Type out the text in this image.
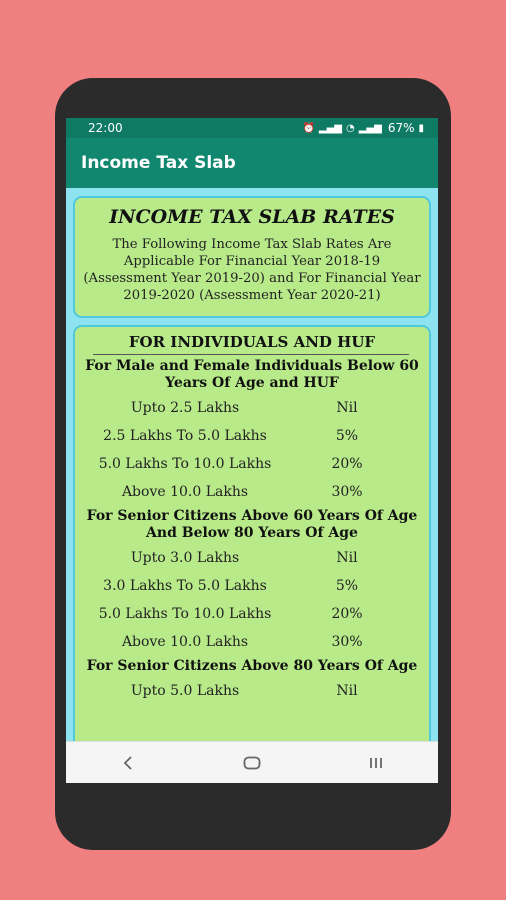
22:00	⏰ ▂▄▆ ◔ ▂▄▆ 67% ▮
Income Tax Slab
INCOME TAX SLAB RATES
The Following Income Tax Slab Rates Are Applicable For Financial Year 2018-19 (Assessment Year 2019-20) and For Financial Year 2019-2020 (Assessment Year 2020-21)
FOR INDIVIDUALS AND HUF
For Male and Female Individuals Below 60 Years Of Age and HUF
Upto 2.5 Lakhs	Nil
2.5 Lakhs To 5.0 Lakhs	5%
5.0 Lakhs To 10.0 Lakhs	20%
Above 10.0 Lakhs	30%
For Senior Citizens Above 60 Years Of Age And Below 80 Years Of Age
Upto 3.0 Lakhs	Nil
3.0 Lakhs To 5.0 Lakhs	5%
5.0 Lakhs To 10.0 Lakhs	20%
Above 10.0 Lakhs	30%
For Senior Citizens Above 80 Years Of Age
Upto 5.0 Lakhs	Nil
